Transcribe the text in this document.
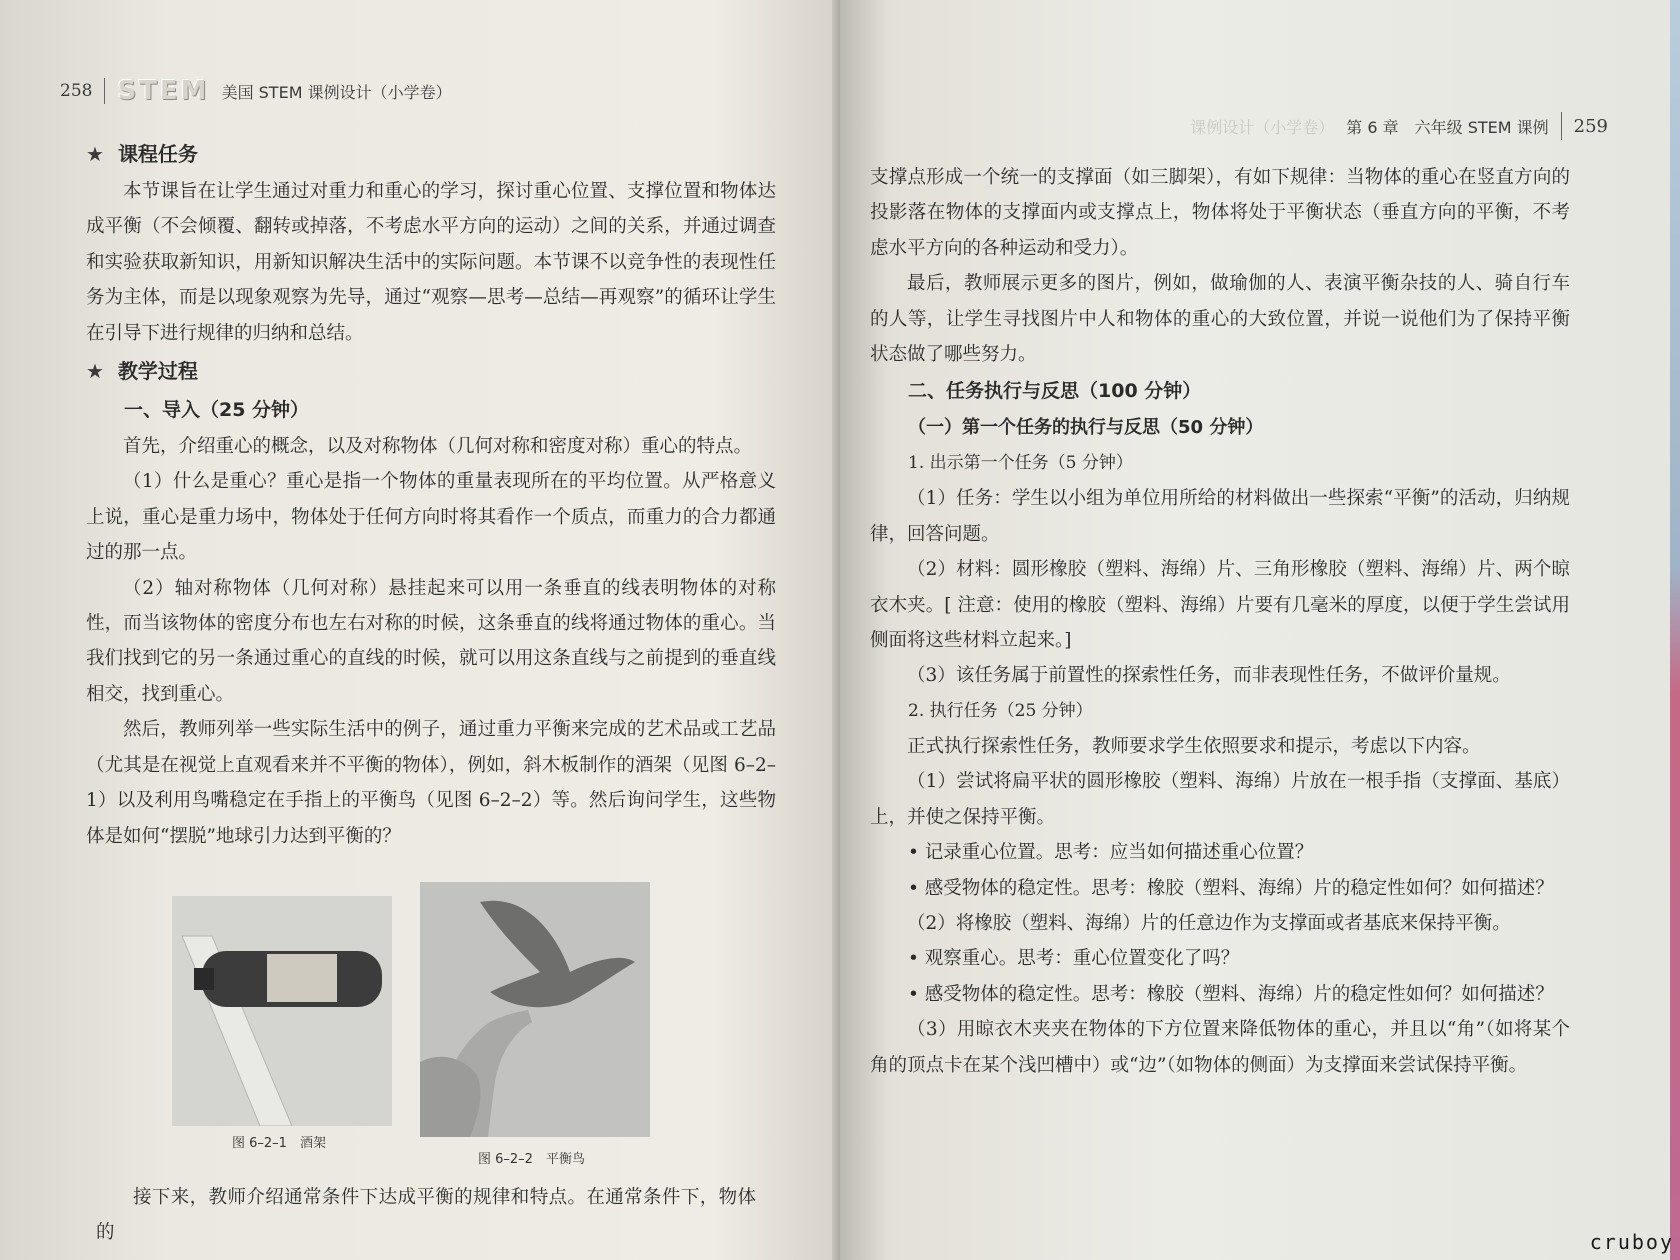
258 STEM 美国 STEM 课例设计（小学卷）
★ 课程任务

本节课旨在让学生通过对重力和重心的学习，探讨重心位置、支撑位置和物体达成平衡（不会倾覆、翻转或掉落，不考虑水平方向的运动）之间的关系，并通过调查和实验获取新知识，用新知识解决生活中的实际问题。本节课不以竞争性的表现性任务为主体，而是以现象观察为先导，通过“观察—思考—总结—再观察”的循环让学生在引导下进行规律的归纳和总结。

★ 教学过程
一、导入（25 分钟）

首先，介绍重心的概念，以及对称物体（几何对称和密度对称）重心的特点。

（1）什么是重心？重心是指一个物体的重量表现所在的平均位置。从严格意义上说，重心是重力场中，物体处于任何方向时将其看作一个质点，而重力的合力都通过的那一点。

（2）轴对称物体（几何对称）悬挂起来可以用一条垂直的线表明物体的对称性，而当该物体的密度分布也左右对称的时候，这条垂直的线将通过物体的重心。当我们找到它的另一条通过重心的直线的时候，就可以用这条直线与之前提到的垂直线相交，找到重心。

然后，教师列举一些实际生活中的例子，通过重力平衡来完成的艺术品或工艺品（尤其是在视觉上直观看来并不平衡的物体），例如，斜木板制作的酒架（见图 6–2–1）以及利用鸟嘴稳定在手指上的平衡鸟（见图 6–2–2）等。然后询问学生，这些物体是如何“摆脱”地球引力达到平衡的？

图 6–2–1　酒架
图 6–2–2　平衡鸟

接下来，教师介绍通常条件下达成平衡的规律和特点。在通常条件下，物体的

课例设计（小学卷） 第 6 章　六年级 STEM 课例 259

支撑点形成一个统一的支撑面（如三脚架），有如下规律：当物体的重心在竖直方向的投影落在物体的支撑面内或支撑点上，物体将处于平衡状态（垂直方向的平衡，不考虑水平方向的各种运动和受力）。

最后，教师展示更多的图片，例如，做瑜伽的人、表演平衡杂技的人、骑自行车的人等，让学生寻找图片中人和物体的重心的大致位置，并说一说他们为了保持平衡状态做了哪些努力。

二、任务执行与反思（100 分钟）
（一）第一个任务的执行与反思（50 分钟）
1. 出示第一个任务（5 分钟）

（1）任务：学生以小组为单位用所给的材料做出一些探索“平衡”的活动，归纳规律，回答问题。

（2）材料：圆形橡胶（塑料、海绵）片、三角形橡胶（塑料、海绵）片、两个晾衣木夹。[ 注意：使用的橡胶（塑料、海绵）片要有几毫米的厚度，以便于学生尝试用侧面将这些材料立起来。]

（3）该任务属于前置性的探索性任务，而非表现性任务，不做评价量规。

2. 执行任务（25 分钟）

正式执行探索性任务，教师要求学生依照要求和提示，考虑以下内容。

（1）尝试将扁平状的圆形橡胶（塑料、海绵）片放在一根手指（支撑面、基底）上，并使之保持平衡。

• 记录重心位置。思考：应当如何描述重心位置？

• 感受物体的稳定性。思考：橡胶（塑料、海绵）片的稳定性如何？如何描述？

（2）将橡胶（塑料、海绵）片的任意边作为支撑面或者基底来保持平衡。

• 观察重心。思考：重心位置变化了吗？

• 感受物体的稳定性。思考：橡胶（塑料、海绵）片的稳定性如何？如何描述？

（3）用晾衣木夹夹在物体的下方位置来降低物体的重心，并且以“角”（如将某个角的顶点卡在某个浅凹槽中）或“边”（如物体的侧面）为支撑面来尝试保持平衡。

cruboy
